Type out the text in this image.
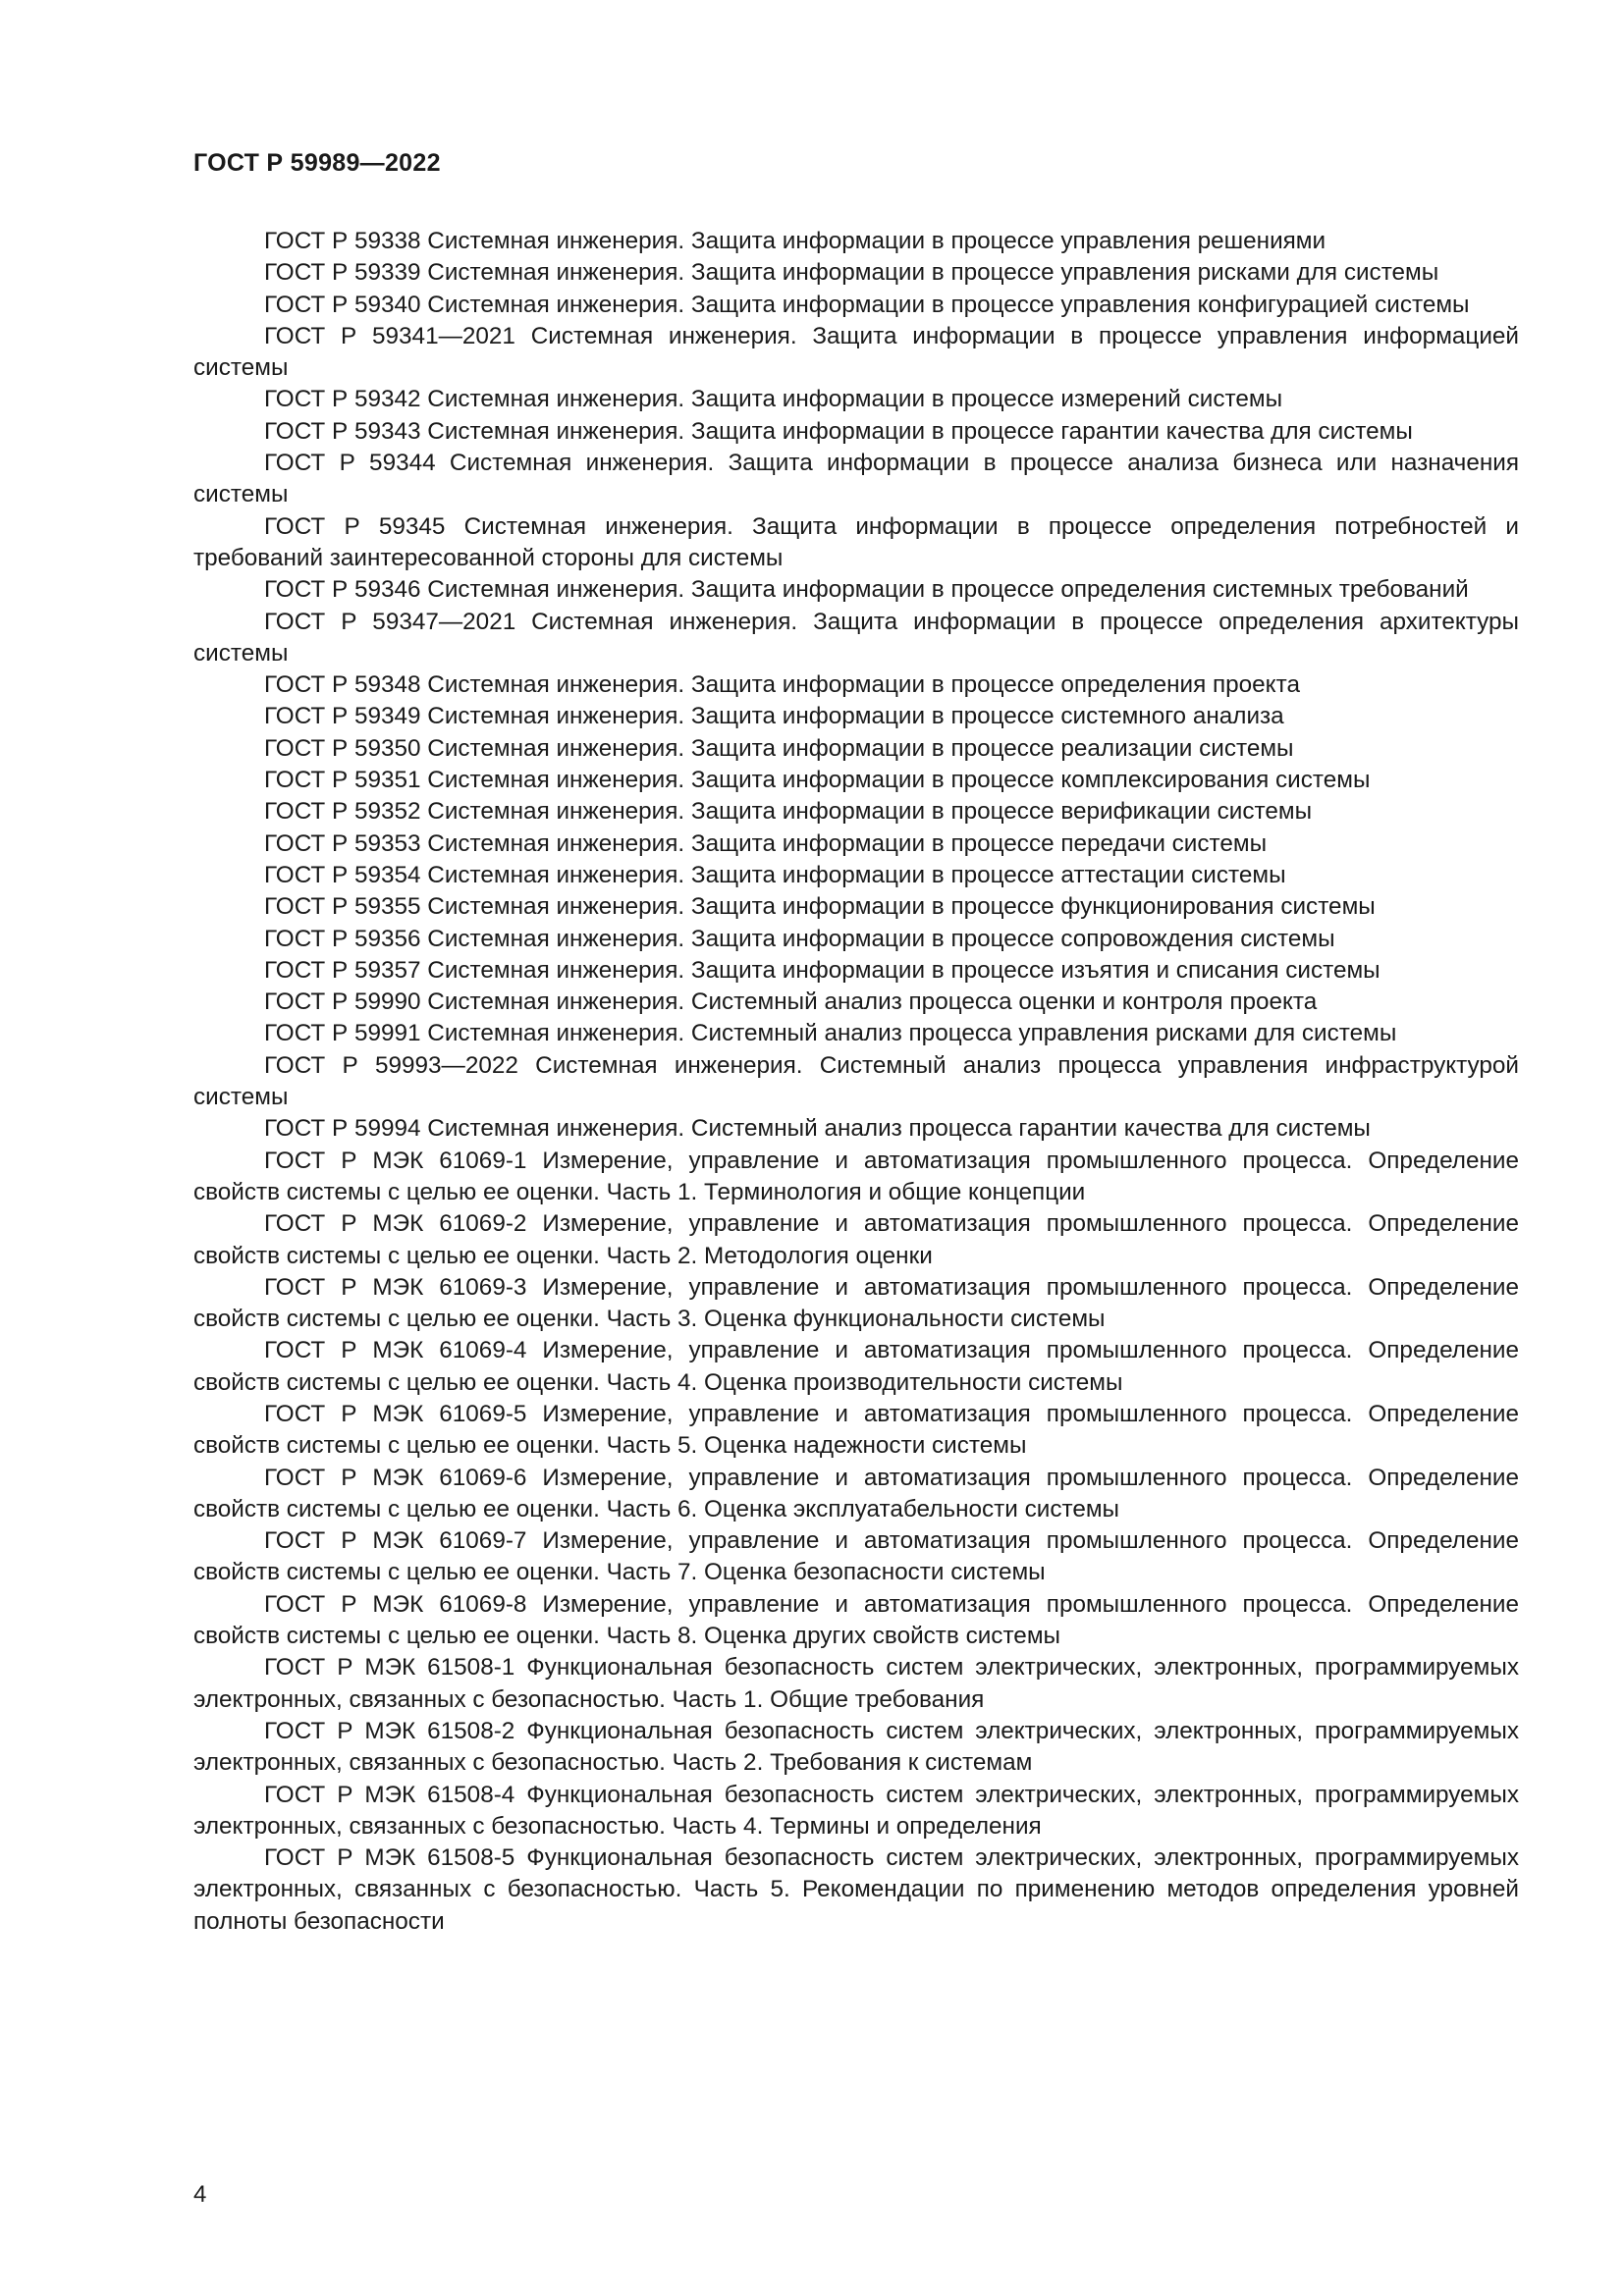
ГОСТ Р 59989—2022

ГОСТ Р 59338 Системная инженерия. Защита информации в процессе управления решениями

ГОСТ Р 59339 Системная инженерия. Защита информации в процессе управления рисками для системы

ГОСТ Р 59340 Системная инженерия. Защита информации в процессе управления конфигурацией системы

ГОСТ Р 59341—2021 Системная инженерия. Защита информации в процессе управления информацией системы

ГОСТ Р 59342 Системная инженерия. Защита информации в процессе измерений системы

ГОСТ Р 59343 Системная инженерия. Защита информации в процессе гарантии качества для системы

ГОСТ Р 59344 Системная инженерия. Защита информации в процессе анализа бизнеса или назначения системы

ГОСТ Р 59345 Системная инженерия. Защита информации в процессе определения потребностей и требований заинтересованной стороны для системы

ГОСТ Р 59346 Системная инженерия. Защита информации в процессе определения системных требований

ГОСТ Р 59347—2021 Системная инженерия. Защита информации в процессе определения архитектуры системы

ГОСТ Р 59348 Системная инженерия. Защита информации в процессе определения проекта

ГОСТ Р 59349 Системная инженерия. Защита информации в процессе системного анализа

ГОСТ Р 59350 Системная инженерия. Защита информации в процессе реализации системы

ГОСТ Р 59351 Системная инженерия. Защита информации в процессе комплексирования системы

ГОСТ Р 59352 Системная инженерия. Защита информации в процессе верификации системы

ГОСТ Р 59353 Системная инженерия. Защита информации в процессе передачи системы

ГОСТ Р 59354 Системная инженерия. Защита информации в процессе аттестации системы

ГОСТ Р 59355 Системная инженерия. Защита информации в процессе функционирования системы

ГОСТ Р 59356 Системная инженерия. Защита информации в процессе сопровождения системы

ГОСТ Р 59357 Системная инженерия. Защита информации в процессе изъятия и списания системы

ГОСТ Р 59990 Системная инженерия. Системный анализ процесса оценки и контроля проекта

ГОСТ Р 59991 Системная инженерия. Системный анализ процесса управления рисками для системы

ГОСТ Р 59993—2022 Системная инженерия. Системный анализ процесса управления инфраструктурой системы

ГОСТ Р 59994 Системная инженерия. Системный анализ процесса гарантии качества для системы

ГОСТ Р МЭК 61069-1 Измерение, управление и автоматизация промышленного процесса. Определение свойств системы с целью ее оценки. Часть 1. Терминология и общие концепции

ГОСТ Р МЭК 61069-2 Измерение, управление и автоматизация промышленного процесса. Определение свойств системы с целью ее оценки. Часть 2. Методология оценки

ГОСТ Р МЭК 61069-3 Измерение, управление и автоматизация промышленного процесса. Определение свойств системы с целью ее оценки. Часть 3. Оценка функциональности системы

ГОСТ Р МЭК 61069-4 Измерение, управление и автоматизация промышленного процесса. Определение свойств системы с целью ее оценки. Часть 4. Оценка производительности системы

ГОСТ Р МЭК 61069-5 Измерение, управление и автоматизация промышленного процесса. Определение свойств системы с целью ее оценки. Часть 5. Оценка надежности системы

ГОСТ Р МЭК 61069-6 Измерение, управление и автоматизация промышленного процесса. Определение свойств системы с целью ее оценки. Часть 6. Оценка эксплуатабельности системы

ГОСТ Р МЭК 61069-7 Измерение, управление и автоматизация промышленного процесса. Определение свойств системы с целью ее оценки. Часть 7. Оценка безопасности системы

ГОСТ Р МЭК 61069-8 Измерение, управление и автоматизация промышленного процесса. Определение свойств системы с целью ее оценки. Часть 8. Оценка других свойств системы

ГОСТ Р МЭК 61508-1 Функциональная безопасность систем электрических, электронных, программируемых электронных, связанных с безопасностью. Часть 1. Общие требования

ГОСТ Р МЭК 61508-2 Функциональная безопасность систем электрических, электронных, программируемых электронных, связанных с безопасностью. Часть 2. Требования к системам

ГОСТ Р МЭК 61508-4 Функциональная безопасность систем электрических, электронных, программируемых электронных, связанных с безопасностью. Часть 4. Термины и определения

ГОСТ Р МЭК 61508-5 Функциональная безопасность систем электрических, электронных, программируемых электронных, связанных с безопасностью. Часть 5. Рекомендации по применению методов определения уровней полноты безопасности

4
